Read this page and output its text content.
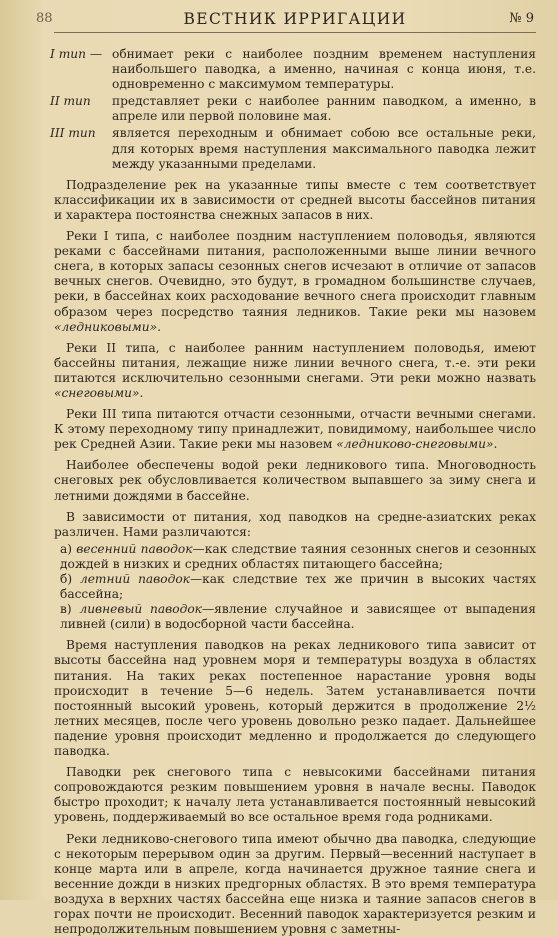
88	ВЕСТНИК ИРРИГАЦИИ	№ 9
I тип — обнимает реки с наиболее поздним временем наступления наибольшего паводка, а именно, начиная с конца июня, т.е. одновременно с максимумом температуры.
II тип	представляет реки с наиболее ранним паводком, а именно, в апреле или первой половине мая.
III тип	является переходным и обнимает собою все остальные реки, для которых время наступления максимального паводка лежит между указанными пределами.

Подразделение рек на указанные типы вместе с тем соответствует классификации их в зависимости от средней высоты бассейнов питания и характера постоянства снежных запасов в них.

Реки I типа, с наиболее поздним наступлением половодья, являются реками с бассейнами питания, расположенными выше линии вечного снега, в которых запасы сезонных снегов исчезают в отличие от запасов вечных снегов. Очевидно, это будут, в громадном большинстве случаев, реки, в бассейнах коих расходование вечного снега происходит главным образом через посредство таяния ледников. Такие реки мы назовем «ледниковыми».

Реки II типа, с наиболее ранним наступлением половодья, имеют бассейны питания, лежащие ниже линии вечного снега, т.-е. эти реки питаются исключительно сезонными снегами. Эти реки можно назвать «снеговыми».

Реки III типа питаются отчасти сезонными, отчасти вечными снегами. К этому переходному типу принадлежит, повидимому, наибольшее число рек Средней Азии. Такие реки мы назовем «ледниково-снеговыми».

Наиболее обеспечены водой реки ледникового типа. Многоводность снеговых рек обусловливается количеством выпавшего за зиму снега и летними дождями в бассейне.

В зависимости от питания, ход паводков на средне-азиатских реках различен. Нами различаются:

а) весенний паводок—как следствие таяния сезонных снегов и сезонных дождей в низких и средних областях питающего бассейна;

б) летний паводок—как следствие тех же причин в высоких частях бассейна;

в) ливневый паводок—явление случайное и зависящее от выпадения ливней (сили) в водосборной части бассейна.

Время наступления паводков на реках ледникового типа зависит от высоты бассейна над уровнем моря и температуры воздуха в областях питания. На таких реках постепенное нарастание уровня воды происходит в течение 5—6 недель. Затем устанавливается почти постоянный высокий уровень, который держится в продолжение 2½ летних месяцев, после чего уровень довольно резко падает. Дальнейшее падение уровня происходит медленно и продолжается до следующего паводка.

Паводки рек снегового типа с невысокими бассейнами питания сопровождаются резким повышением уровня в начале весны. Паводок быстро проходит; к началу лета устанавливается постоянный невысокий уровень, поддерживаемый во все остальное время года родниками.

Реки ледниково-снегового типа имеют обычно два паводка, следующие с некоторым перерывом один за другим. Первый—весенний наступает в конце марта или в апреле, когда начинается дружное таяние снега и весенние дожди в низких предгорных областях. В это время температура воздуха в верхних частях бассейна еще низка и таяние запасов снегов в горах почти не происходит. Весенний паводок характеризуется резким и непродолжительным повышением уровня с заметны-
